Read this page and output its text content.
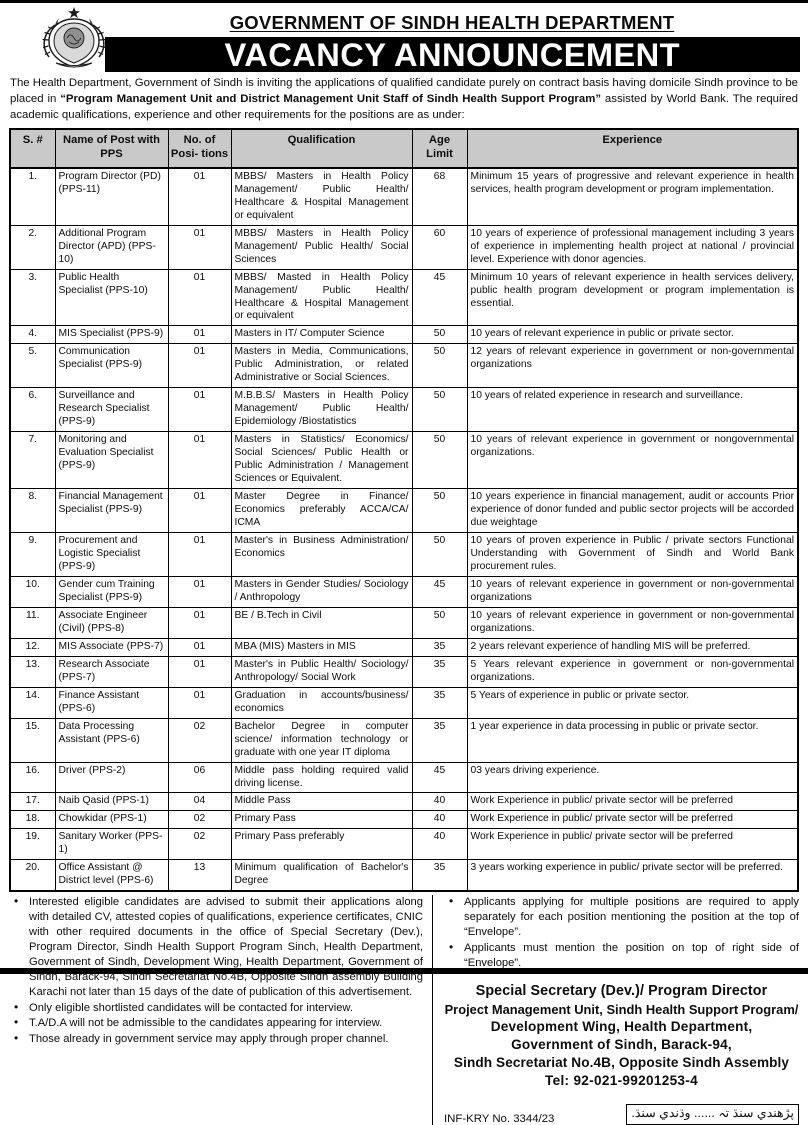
GOVERNMENT OF SINDH HEALTH DEPARTMENT
VACANCY ANNOUNCEMENT

The Health Department, Government of Sindh is inviting the applications of qualified candidate purely on contract basis having domicile Sindh province to be placed in “Program Management Unit and District Management Unit Staff of Sindh Health Support Program” assisted by World Bank. The required academic qualifications, experience and other requirements for the positions are as under:

S. #	Name of Post with PPS	No. of Posi- tions	Qualification	Age Limit	Experience
1.	Program Director (PD) (PPS-11)	01	MBBS/ Masters in Health Policy Management/ Public Health/ Healthcare & Hospital Management or equivalent	68	Minimum 15 years of progressive and relevant experience in health services, health program development or program implementation.
2.	Additional Program Director (APD) (PPS-10)	01	MBBS/ Masters in Health Policy Management/ Public Health/ Social Sciences	60	10 years of experience of professional management including 3 years of experience in implementing health project at national / provincial level. Experience with donor agencies.
3.	Public Health Specialist (PPS-10)	01	MBBS/ Masted in Health Policy Management/ Public Health/ Healthcare & Hospital Management or equivalent	45	Minimum 10 years of relevant experience in health services delivery, public health program development or program implementation is essential.
4.	MIS Specialist (PPS-9)	01	Masters in IT/ Computer Science	50	10 years of relevant experience in public or private sector.
5.	Communication Specialist (PPS-9)	01	Masters in Media, Communications, Public Administration, or related Administrative or Social Sciences.	50	12 years of relevant experience in government or non-governmental organizations
6.	Surveillance and Research Specialist (PPS-9)	01	M.B.B.S/ Masters in Health Policy Management/ Public Health/ Epidemiology /Biostatistics	50	10 years of related experience in research and surveillance.
7.	Monitoring and Evaluation Specialist (PPS-9)	01	Masters in Statistics/ Economics/ Social Sciences/ Public Health or Public Administration / Management Sciences or Equivalent.	50	10 years of relevant experience in government or nongovernmental organizations.
8.	Financial Management Specialist (PPS-9)	01	Master Degree in Finance/ Economics preferably ACCA/CA/ ICMA	50	10 years experience in financial management, audit or accounts Prior experience of donor funded and public sector projects will be accorded due weightage
9.	Procurement and Logistic Specialist (PPS-9)	01	Master's in Business Administration/ Economics	50	10 years of proven experience in Public / private sectors Functional Understanding with Government of Sindh and World Bank procurement rules.
10.	Gender cum Training Specialist (PPS-9)	01	Masters in Gender Studies/ Sociology / Anthropology	45	10 years of relevant experience in government or non-governmental organizations
11.	Associate Engineer (Civil) (PPS-8)	01	BE / B.Tech in Civil	50	10 years of relevant experience in government or non-governmental organizations.
12.	MIS Associate (PPS-7)	01	MBA (MIS) Masters in MIS	35	2 years relevant experience of handling MIS will be preferred.
13.	Research Associate (PPS-7)	01	Master's in Public Health/ Sociology/ Anthropology/ Social Work	35	5 Years relevant experience in government or non-governmental organizations.
14.	Finance Assistant (PPS-6)	01	Graduation in accounts/business/ economics	35	5 Years of experience in public or private sector.
15.	Data Processing Assistant (PPS-6)	02	Bachelor Degree in computer science/ information technology or graduate with one year IT diploma	35	1 year experience in data processing in public or private sector.
16.	Driver (PPS-2)	06	Middle pass holding required valid driving license.	45	03 years driving experience.
17.	Naib Qasid (PPS-1)	04	Middle Pass	40	Work Experience in public/ private sector will be preferred
18.	Chowkidar (PPS-1)	02	Primary Pass	40	Work Experience in public/ private sector will be preferred
19.	Sanitary Worker (PPS-1)	02	Primary Pass preferably	40	Work Experience in public/ private sector will be preferred
20.	Office Assistant @ District level (PPS-6)	13	Minimum qualification of Bachelor's Degree	35	3 years working experience in public/ private sector will be preferred.
• Interested eligible candidates are advised to submit their applications along with detailed CV, attested copies of qualifications, experience certificates, CNIC with other required documents in the office of Special Secretary (Dev.), Program Director, Sindh Health Support Program Sinch, Health Department, Government of Sindh, Development Wing, Health Department, Government of Sindh, Barack-94, Sindh Secretariat No.4B, Opposite Sindh assembly Building Karachi not later than 15 days of the date of publication of this advertisement.
• Only eligible shortlisted candidates will be contacted for interview.
• T.A/D.A will not be admissible to the candidates appearing for interview.
• Those already in government service may apply through proper channel.
• Applicants applying for multiple positions are required to apply separately for each position mentioning the position at the top of “Envelope”.
• Applicants must mention the position on top of right side of “Envelope”.
Special Secretary (Dev.)/ Program Director
Project Management Unit, Sindh Health Support Program/
Development Wing, Health Department,
Government of Sindh, Barack-94,
Sindh Secretariat No.4B, Opposite Sindh Assembly
Tel: 92-021-99201253-4
INF-KRY No. 3344/23	پڙهندي سنڌ تہ ...... وڌندي سنڌ.
